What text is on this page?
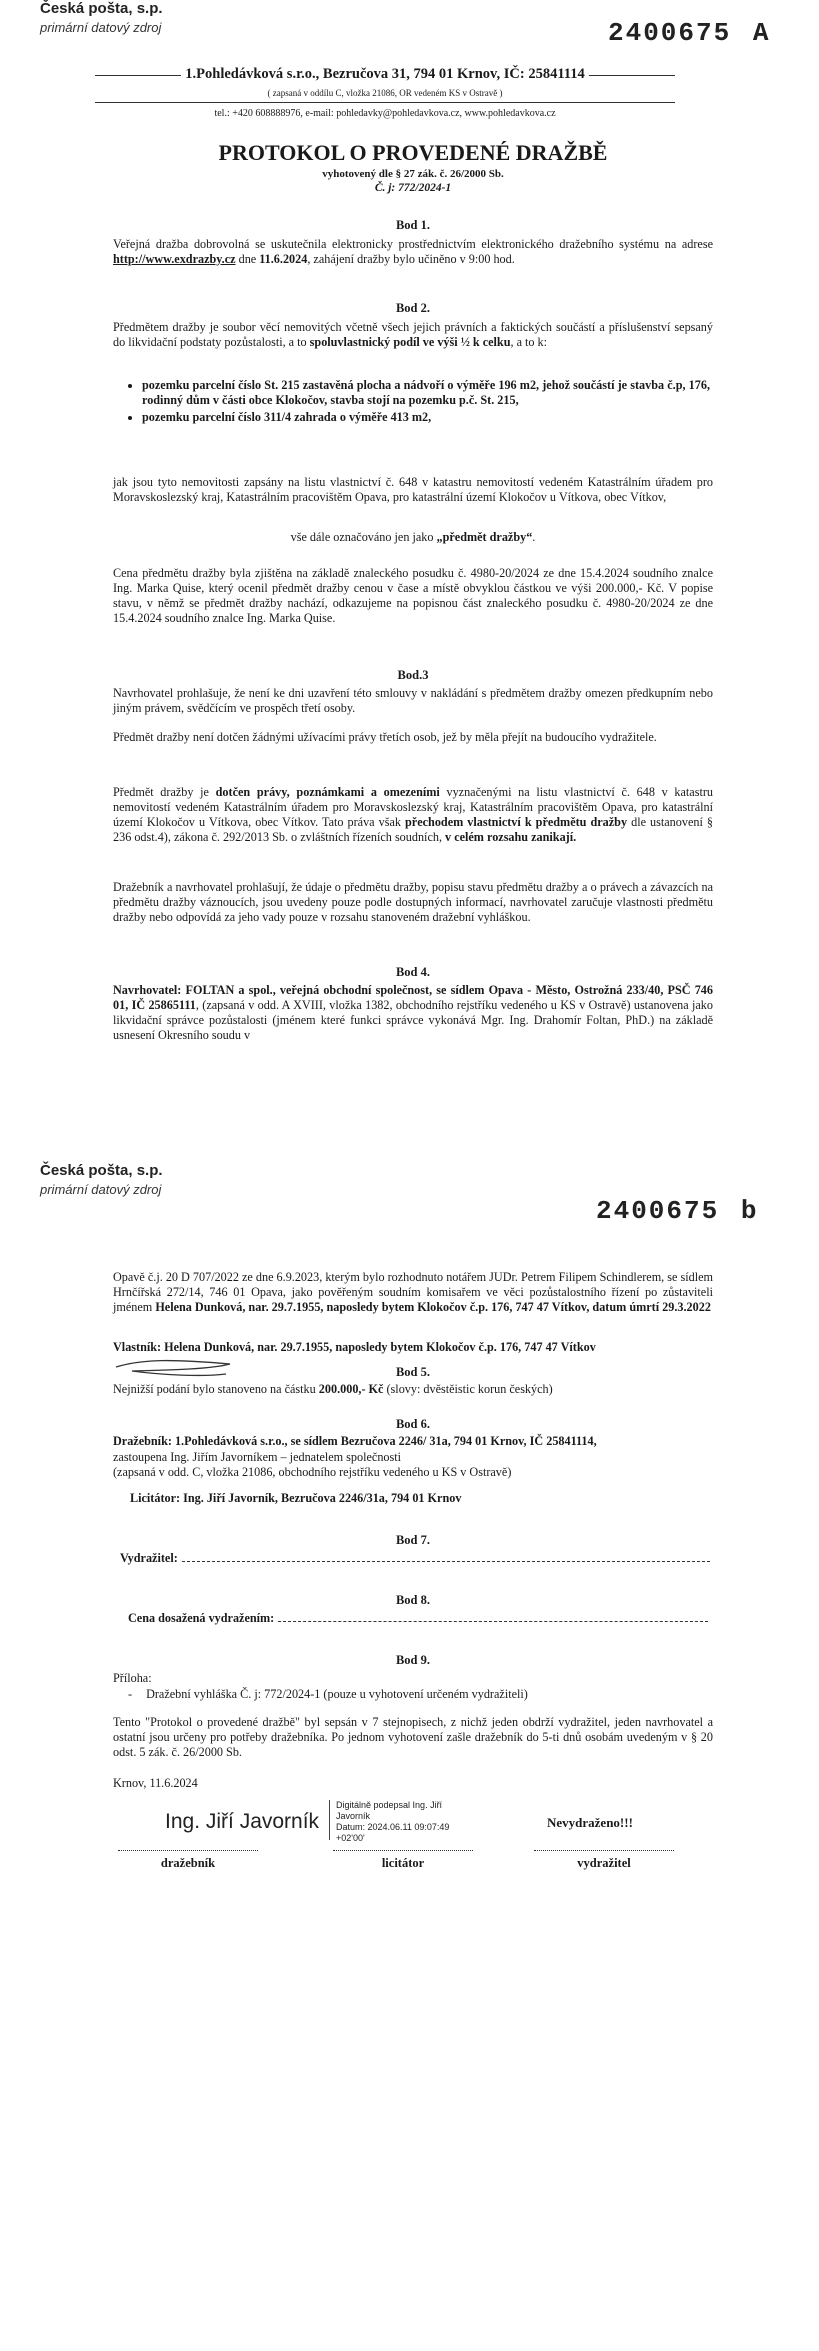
Česká pošta, s.p.
primární datový zdroj	2400675 A
1.Pohledávková s.r.o., Bezručova 31, 794 01 Krnov, IČ: 25841114
( zapsaná v oddílu C, vložka 21086, OR vedeném KS v Ostravě )
tel.: +420 608888976, e-mail: pohledavky@pohledavkova.cz, www.pohledavkova.cz
PROTOKOL O PROVEDENÉ DRAŽBĚ
vyhotovený dle § 27 zák. č. 26/2000 Sb.
Č. j: 772/2024-1
Bod 1.
Veřejná dražba dobrovolná se uskutečnila elektronicky prostřednictvím elektronického dražebního systému na adrese http://www.exdrazby.cz dne 11.6.2024, zahájení dražby bylo učiněno v 9:00 hod.
Bod 2.
Předmětem dražby je soubor věcí nemovitých včetně všech jejich právních a faktických součástí a příslušenství sepsaný do likvidační podstaty pozůstalosti, a to spoluvlastnický podíl ve výši ½ k celku, a to k:
• pozemku parcelní číslo St. 215 zastavěná plocha a nádvoří o výměře 196 m2, jehož součástí je stavba č.p, 176, rodinný dům v části obce Klokočov, stavba stojí na pozemku p.č. St. 215,
• pozemku parcelní číslo 311/4 zahrada o výměře 413 m2,
jak jsou tyto nemovitosti zapsány na listu vlastnictví č. 648 v katastru nemovitostí vedeném Katastrálním úřadem pro Moravskoslezský kraj, Katastrálním pracovištěm Opava, pro katastrální území Klokočov u Vítkova, obec Vítkov,
vše dále označováno jen jako „předmět dražby“.
Cena předmětu dražby byla zjištěna na základě znaleckého posudku č. 4980-20/2024 ze dne 15.4.2024 soudního znalce Ing. Marka Quise, který ocenil předmět dražby cenou v čase a místě obvyklou částkou ve výši 200.000,- Kč. V popise stavu, v němž se předmět dražby nachází, odkazujeme na popisnou část znaleckého posudku č. 4980-20/2024 ze dne 15.4.2024 soudního znalce Ing. Marka Quise.
Bod.3
Navrhovatel prohlašuje, že není ke dni uzavření této smlouvy v nakládání s předmětem dražby omezen předkupním nebo jiným právem, svědčícím ve prospěch třetí osoby.
Předmět dražby není dotčen žádnými užívacími právy třetích osob, jež by měla přejít na budoucího vydražitele.
Předmět dražby je dotčen právy, poznámkami a omezeními vyznačenými na listu vlastnictví č. 648 v katastru nemovitostí vedeném Katastrálním úřadem pro Moravskoslezský kraj, Katastrálním pracovištěm Opava, pro katastrální území Klokočov u Vítkova, obec Vítkov. Tato práva však přechodem vlastnictví k předmětu dražby dle ustanovení § 236 odst.4), zákona č. 292/2013 Sb. o zvláštních řízeních soudních, v celém rozsahu zanikají.
Dražebník a navrhovatel prohlašují, že údaje o předmětu dražby, popisu stavu předmětu dražby a o právech a závazcích na předmětu dražby váznoucích, jsou uvedeny pouze podle dostupných informací, navrhovatel zaručuje vlastnosti předmětu dražby nebo odpovídá za jeho vady pouze v rozsahu stanoveném dražební vyhláškou.
Bod 4.
Navrhovatel: FOLTAN a spol., veřejná obchodní společnost, se sídlem Opava - Město, Ostrožná 233/40, PSČ 746 01, IČ 25865111, (zapsaná v odd. A XVIII, vložka 1382, obchodního rejstříku vedeného u KS v Ostravě) ustanovena jako likvidační správce pozůstalosti (jménem které funkci správce vykonává Mgr. Ing. Drahomír Foltan, PhD.) na základě usnesení Okresního soudu v
Česká pošta, s.p.
primární datový zdroj
2400675 b
Opavě č.j. 20 D 707/2022 ze dne 6.9.2023, kterým bylo rozhodnuto notářem JUDr. Petrem Filipem Schindlerem, se sídlem Hrnčířská 272/14, 746 01 Opava, jako pověřeným soudním komisařem ve věci pozůstalostního řízení po zůstaviteli jménem Helena Dunková, nar. 29.7.1955, naposledy bytem Klokočov č.p. 176, 747 47 Vítkov, datum úmrtí 29.3.2022
Vlastník: Helena Dunková, nar. 29.7.1955, naposledy bytem Klokočov č.p. 176, 747 47 Vítkov
Bod 5.
Nejnižší podání bylo stanoveno na částku 200.000,- Kč (slovy: dvěstěistic korun českých)
Bod 6.
Dražebník: 1.Pohledávková s.r.o., se sídlem Bezručova 2246/ 31a, 794 01 Krnov, IČ 25841114,
zastoupena Ing. Jiřím Javorníkem – jednatelem společnosti
(zapsaná v odd. C, vložka 21086, obchodního rejstříku vedeného u KS v Ostravě)
Licitátor: Ing. Jiří Javorník, Bezručova 2246/31a, 794 01 Krnov
Bod 7.
Vydražitel:
Bod 8.
Cena dosažená vydražením:
Bod 9.
Příloha:
- Dražební vyhláška Č. j: 772/2024-1 (pouze u vyhotovení určeném vydražiteli)
Tento "Protokol o provedené dražbě" byl sepsán v 7 stejnopisech, z nichž jeden obdrží vydražitel, jeden navrhovatel a ostatní jsou určeny pro potřeby dražebníka. Po jednom vyhotovení zašle dražebník do 5-ti dnů osobám uvedeným v § 20 odst. 5 zák. č. 26/2000 Sb.
Krnov, 11.6.2024
Ing. Jiří Javorník
Digitálně podepsal Ing. Jiří
Javorník
Datum: 2024.06.11 09:07:49
+02'00'
Nevydraženo!!!
dražebník	licitátor	vydražitel
